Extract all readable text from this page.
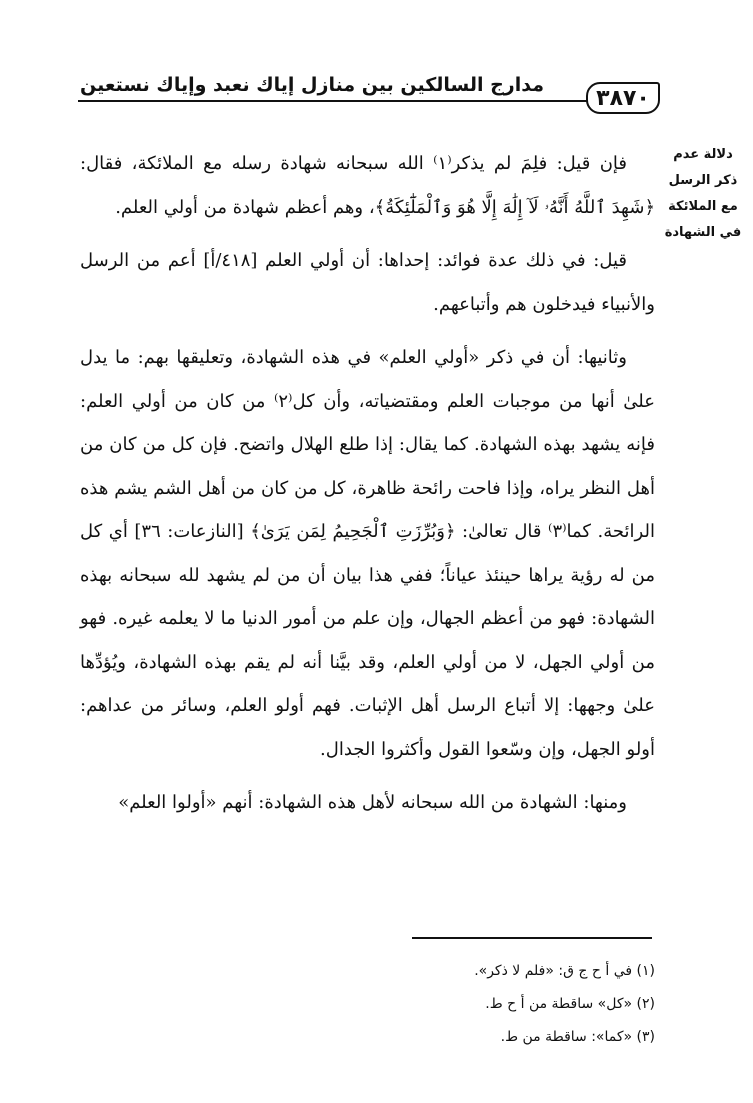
مدارج السالكين بين منازل إياك نعبد وإياك نستعين
٣٨٧٠
دلالة عدم ذكر الرسل مع الملائكة في الشهادة

فإن قيل: فلِمَ لم يذكر⁽١⁾ الله سبحانه شهادة رسله مع الملائكة، فقال: ﴿شَهِدَ ٱللَّهُ أَنَّهُۥ لَآ إِلَٰهَ إِلَّا هُوَ وَٱلْمَلَٰٓئِكَةُ﴾، وهم أعظم شهادة من أولي العلم.

قيل: في ذلك عدة فوائد: إحداها: أن أولي العلم [٤١٨/أ] أعم من الرسل والأنبياء فيدخلون هم وأتباعهم.

وثانيها: أن في ذكر «أولي العلم» في هذه الشهادة، وتعليقها بهم: ما يدل علىٰ أنها من موجبات العلم ومقتضياته، وأن كل⁽٢⁾ من كان من أولي العلم: فإنه يشهد بهذه الشهادة. كما يقال: إذا طلع الهلال واتضح. فإن كل من كان من أهل النظر يراه، وإذا فاحت رائحة ظاهرة، كل من كان من أهل الشم يشم هذه الرائحة. كما⁽٣⁾ قال تعالىٰ: ﴿وَبُرِّزَتِ ٱلْجَحِيمُ لِمَن يَرَىٰ﴾ [النازعات: ٣٦] أي كل من له رؤية يراها حينئذ عياناً؛ ففي هذا بيان أن من لم يشهد لله سبحانه بهذه الشهادة: فهو من أعظم الجهال، وإن علم من أمور الدنيا ما لا يعلمه غيره. فهو من أولي الجهل، لا من أولي العلم، وقد بيَّنا أنه لم يقم بهذه الشهادة، ويُؤدِّها علىٰ وجهها: إلا أتباع الرسل أهل الإثبات. فهم أولو العلم، وسائر من عداهم: أولو الجهل، وإن وسّعوا القول وأكثروا الجدال.

ومنها: الشهادة من الله سبحانه لأهل هذه الشهادة: أنهم «أولوا العلم»

(١) في أ ح ج ق: «فلم لا ذكر».
(٢) «كل» ساقطة من أ ح ط.
(٣) «كما»: ساقطة من ط.
